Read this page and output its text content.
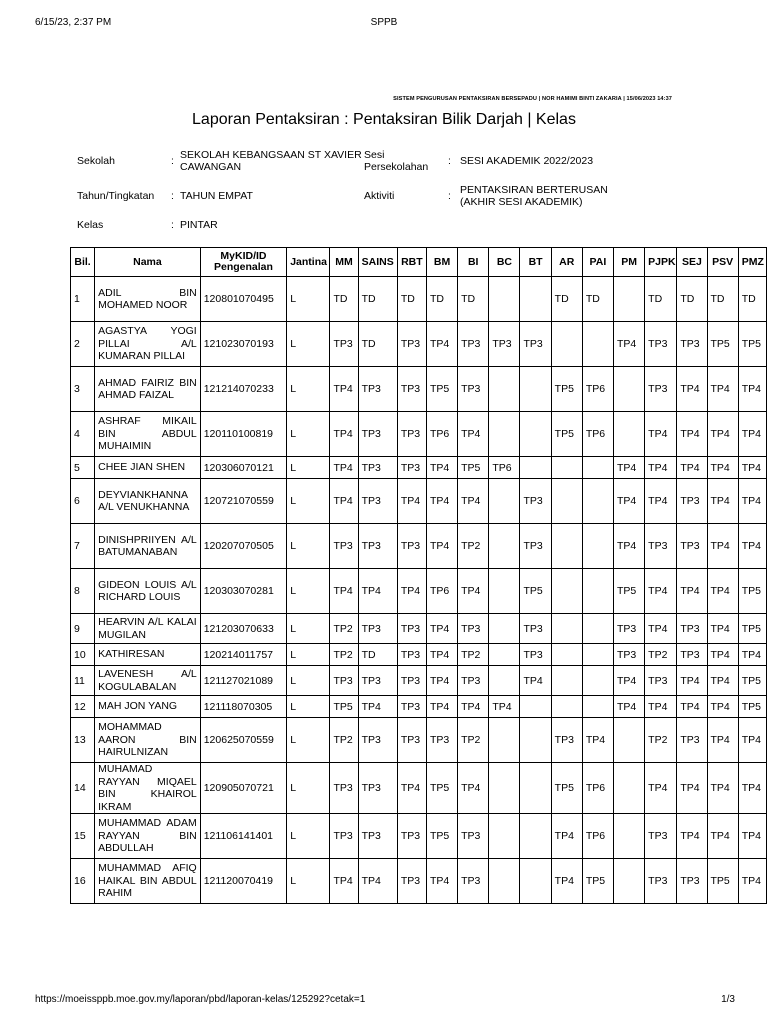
6/15/23, 2:37 PM	SPPB
SISTEM PENGURUSAN PENTAKSIRAN BERSEPADU | NOR HAMIMI BINTI ZAKARIA | 15/06/2023 14:37
Laporan Pentaksiran : Pentaksiran Bilik Darjah | Kelas
Sekolah	: SEKOLAH KEBANGSAAN ST XAVIER CAWANGAN
Sesi Persekolahan	: SESI AKADEMIK 2022/2023
Tahun/Tingkatan	: TAHUN EMPAT	Aktiviti	: PENTAKSIRAN BERTERUSAN (AKHIR SESI AKADEMIK)
Kelas	: PINTAR
Bil.	Nama	MyKID/ID Pengenalan	Jantina	MM	SAINS	RBT	BM	BI	BC	BT	AR	PAI	PM	PJPK	SEJ	PSV	PMZ
1	ADIL BIN MOHAMED NOOR	120801070495	L	TD	TD	TD	TD	TD			TD	TD		TD	TD	TD	TD
2	AGASTYA YOGI PILLAI A/L KUMARAN PILLAI	121023070193	L	TP3	TD	TP3	TP4	TP3	TP3	TP3			TP4	TP3	TP3	TP5	TP5
3	AHMAD FAIRIZ BIN AHMAD FAIZAL	121214070233	L	TP4	TP3	TP3	TP5	TP3			TP5	TP6		TP3	TP4	TP4	TP4
4	ASHRAF MIKAIL BIN ABDUL MUHAIMIN	120110100819	L	TP4	TP3	TP3	TP6	TP4			TP5	TP6		TP4	TP4	TP4	TP4
5	CHEE JIAN SHEN	120306070121	L	TP4	TP3	TP3	TP4	TP5	TP6				TP4	TP4	TP4	TP4	TP4
6	DEYVIANKHANNA A/L VENUKHANNA	120721070559	L	TP4	TP3	TP4	TP4	TP4		TP3			TP4	TP4	TP3	TP4	TP4
7	DINISHPRIIYEN A/L BATUMANABAN	120207070505	L	TP3	TP3	TP3	TP4	TP2		TP3			TP4	TP3	TP3	TP4	TP4
8	GIDEON LOUIS A/L RICHARD LOUIS	120303070281	L	TP4	TP4	TP4	TP6	TP4		TP5			TP5	TP4	TP4	TP4	TP5
9	HEARVIN A/L KALAI MUGILAN	121203070633	L	TP2	TP3	TP3	TP4	TP3		TP3			TP3	TP4	TP3	TP4	TP5
10	KATHIRESAN	120214011757	L	TP2	TD	TP3	TP4	TP2		TP3			TP3	TP2	TP3	TP4	TP4
11	LAVENESH A/L KOGULABALAN	121127021089	L	TP3	TP3	TP3	TP4	TP3		TP4			TP4	TP3	TP4	TP4	TP5
12	MAH JON YANG	121118070305	L	TP5	TP4	TP3	TP4	TP4	TP4				TP4	TP4	TP4	TP4	TP5
13	MOHAMMAD AARON BIN HAIRULNIZAN	120625070559	L	TP2	TP3	TP3	TP3	TP2			TP3	TP4		TP2	TP3	TP4	TP4
14	MUHAMAD RAYYAN MIQAEL BIN KHAIROL IKRAM	120905070721	L	TP3	TP3	TP4	TP5	TP4			TP5	TP6		TP4	TP4	TP4	TP4
15	MUHAMMAD ADAM RAYYAN BIN ABDULLAH	121106141401	L	TP3	TP3	TP3	TP5	TP3			TP4	TP6		TP3	TP4	TP4	TP4
16	MUHAMMAD AFIQ HAIKAL BIN ABDUL RAHIM	121120070419	L	TP4	TP4	TP3	TP4	TP3			TP4	TP5		TP3	TP3	TP5	TP4
https://moeissppb.moe.gov.my/laporan/pbd/laporan-kelas/125292?cetak=1	1/3
